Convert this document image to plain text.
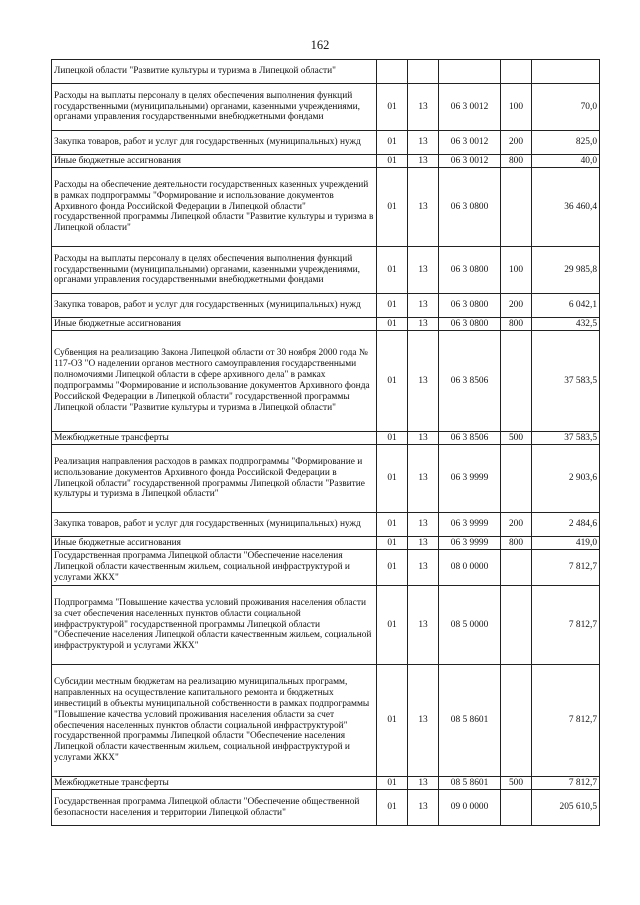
162
Липецкой области "Развитие культуры и туризма в Липецкой области"					
Расходы на выплаты персоналу в целях обеспечения выполнения функций государственными (муниципальными) органами, казенными учреждениями, органами управления государственными внебюджетными фондами	01	13	06 3 0012	100	70,0
Закупка товаров, работ и услуг для государственных (муниципальных) нужд	01	13	06 3 0012	200	825,0
Иные бюджетные ассигнования	01	13	06 3 0012	800	40,0
Расходы на обеспечение деятельности государственных казенных учреждений в рамках подпрограммы "Формирование и использование документов Архивного фонда Российской Федерации в Липецкой области" государственной программы Липецкой области "Развитие культуры и туризма в Липецкой области"	01	13	06 3 0800		36 460,4
Расходы на выплаты персоналу в целях обеспечения выполнения функций государственными (муниципальными) органами, казенными учреждениями, органами управления государственными внебюджетными фондами	01	13	06 3 0800	100	29 985,8
Закупка товаров, работ и услуг для государственных (муниципальных) нужд	01	13	06 3 0800	200	6 042,1
Иные бюджетные ассигнования	01	13	06 3 0800	800	432,5
Субвенция на реализацию Закона Липецкой области от 30 ноября 2000 года № 117-ОЗ "О наделении органов местного самоуправления государственными полномочиями Липецкой области в сфере архивного дела" в рамках подпрограммы "Формирование и использование документов Архивного фонда Российской Федерации в Липецкой области" государственной программы Липецкой области "Развитие культуры и туризма в Липецкой области"	01	13	06 3 8506		37 583,5
Межбюджетные трансферты	01	13	06 3 8506	500	37 583,5
Реализация направления расходов в рамках подпрограммы "Формирование и использование документов Архивного фонда Российской Федерации в Липецкой области" государственной программы Липецкой области "Развитие культуры и туризма в Липецкой области"	01	13	06 3 9999		2 903,6
Закупка товаров, работ и услуг для государственных (муниципальных) нужд	01	13	06 3 9999	200	2 484,6
Иные бюджетные ассигнования	01	13	06 3 9999	800	419,0
Государственная программа Липецкой области "Обеспечение населения Липецкой области качественным жильем, социальной инфраструктурой и услугами ЖКХ"	01	13	08 0 0000		7 812,7
Подпрограмма "Повышение качества условий проживания населения области за счет обеспечения населенных пунктов области социальной инфраструктурой" государственной программы Липецкой области "Обеспечение населения Липецкой области качественным жильем, социальной инфраструктурой и услугами ЖКХ"	01	13	08 5 0000		7 812,7
Субсидии местным бюджетам на реализацию муниципальных программ, направленных на осуществление капитального ремонта и бюджетных инвестиций в объекты муниципальной собственности в рамках подпрограммы "Повышение качества условий проживания населения области за счет обеспечения населенных пунктов области социальной инфраструктурой" государственной программы Липецкой области "Обеспечение населения Липецкой области качественным жильем, социальной инфраструктурой и услугами ЖКХ"	01	13	08 5 8601		7 812,7
Межбюджетные трансферты	01	13	08 5 8601	500	7 812,7
Государственная программа Липецкой области "Обеспечение общественной безопасности населения и территории Липецкой области"	01	13	09 0 0000		205 610,5
